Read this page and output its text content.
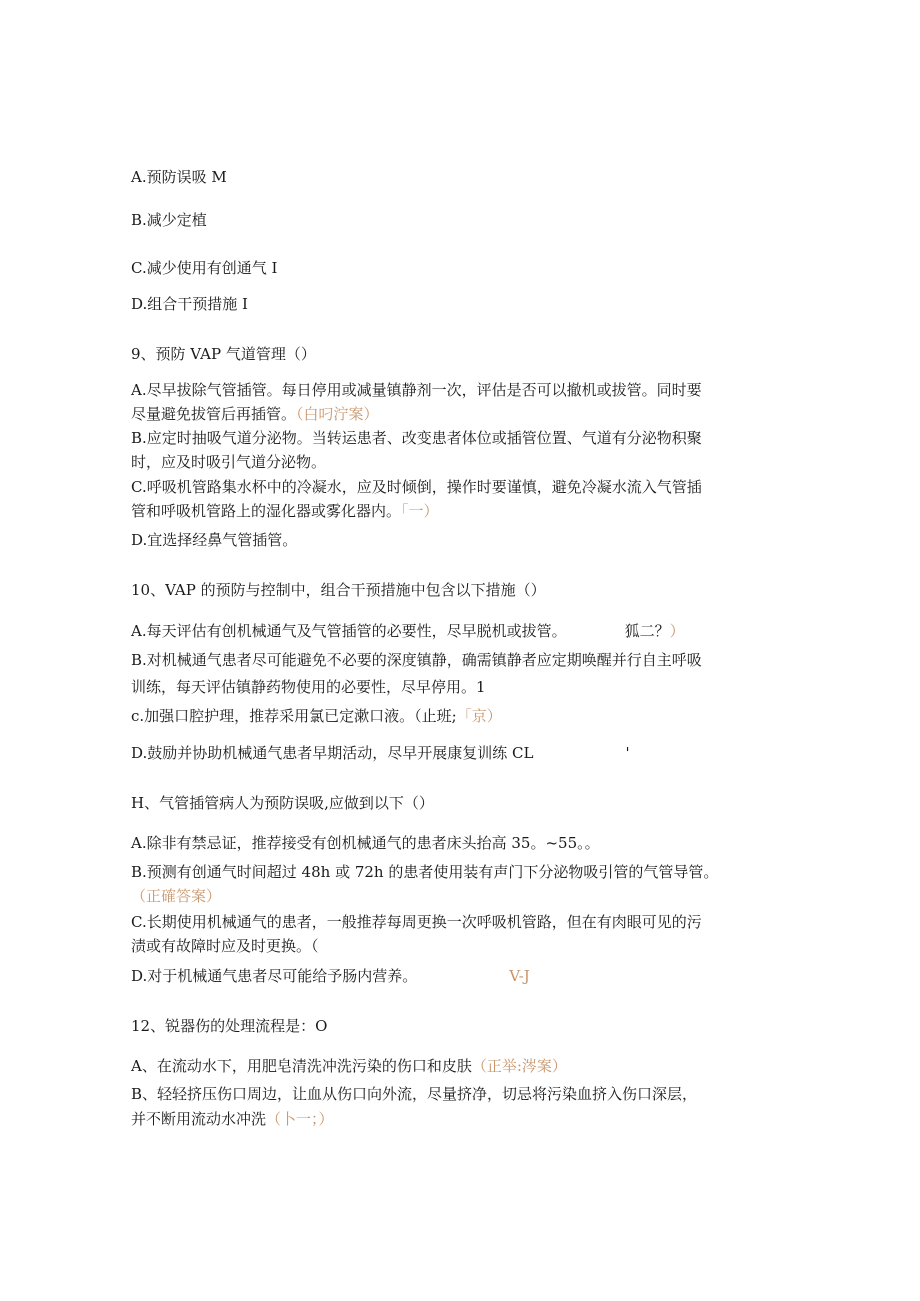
A.预防误吸 M

B.减少定植

C.减少使用有创通气 I

D.组合干预措施 I

9、预防 VAP 气道管理（）

A.尽早拔除气管插管。每日停用或减量镇静剂一次，评估是否可以撤机或拔管。同时要

尽量避免拔管后再插管。（白叼泞案）

B.应定时抽吸气道分泌物。当转运患者、改变患者体位或插管位置、气道有分泌物积聚

时，应及时吸引气道分泌物。

C.呼吸机管路集水杯中的冷凝水，应及时倾倒，操作时要谨慎，避免冷凝水流入气管插

管和呼吸机管路上的湿化器或雾化器内。「一）

D.宜选择经鼻气管插管。

10、VAP 的预防与控制中，组合干预措施中包含以下措施（）

A.每天评估有创机械通气及气管插管的必要性，尽早脱机或拔管。	狐二？）

B.对机械通气患者尽可能避免不必要的深度镇静，确需镇静者应定期唤醒并行自主呼吸

训练，每天评估镇静药物使用的必要性，尽早停用。1

c.加强口腔护理，推荐采用氯已定漱口液。（止班;「京）

D.鼓励并协助机械通气患者早期活动，尽早开展康复训练 CL	'

H、气管插管病人为预防误吸,应做到以下（）

A.除非有禁忌证，推荐接受有创机械通气的患者床头抬高 35。~55。。

B.预测有创通气时间超过 48h 或 72h 的患者使用装有声门下分泌物吸引管的气管导管。

（正確答案）

C.长期使用机械通气的患者，一般推荐每周更换一次呼吸机管路，但在有肉眼可见的污

渍或有故障时应及时更换。（

D.对于机械通气患者尽可能给予肠内营养。	V-J

12、锐器伤的处理流程是：O

A、在流动水下，用肥皂清洗冲洗污染的伤口和皮肤（正举:涔案）

B、轻轻挤压伤口周边，让血从伤口向外流，尽量挤净，切忌将污染血挤入伤口深层，

并不断用流动水冲洗（卜一；）
